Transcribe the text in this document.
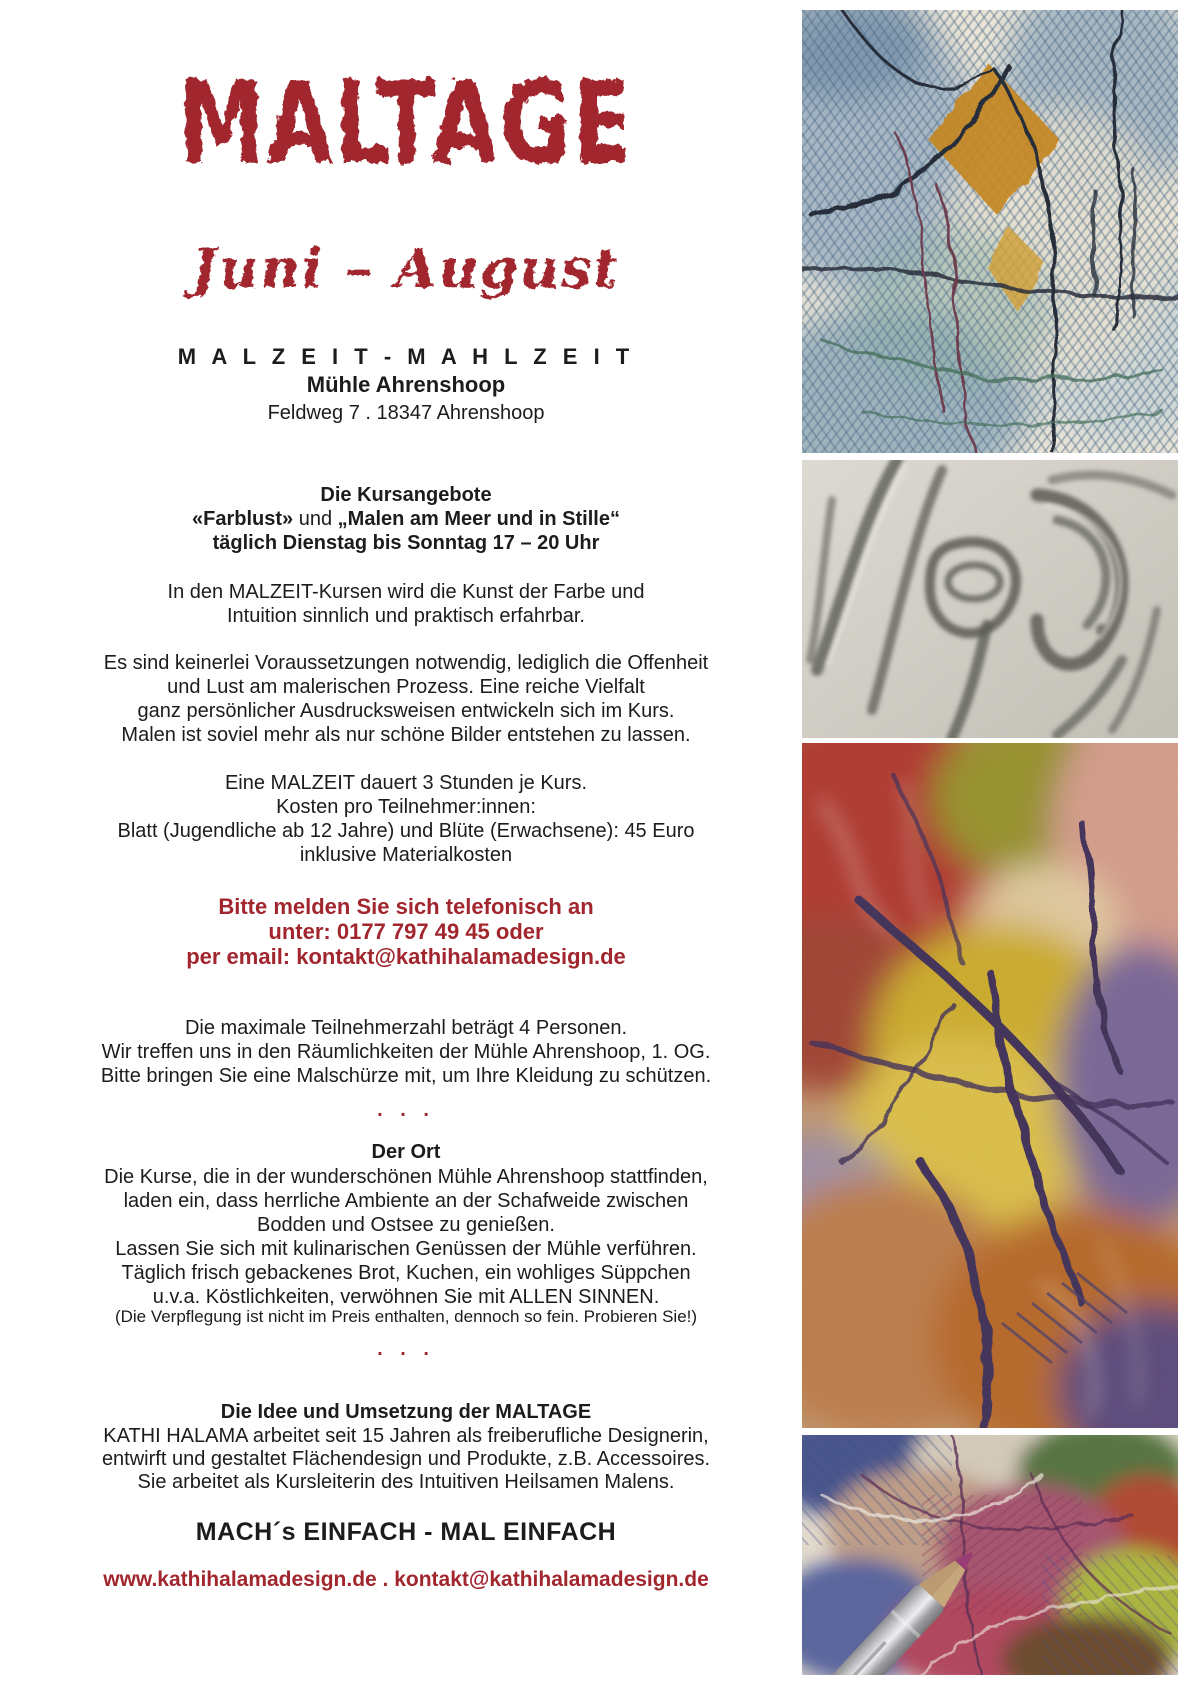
MALTAGE
Juni – August
M A L Z E I T - M A H L Z E I T
Mühle Ahrenshoop
Feldweg 7 . 18347 Ahrenshoop
Die Kursangebote
«Farblust» und „Malen am Meer und in Stille“
täglich Dienstag bis Sonntag 17 – 20 Uhr
In den MALZEIT-Kursen wird die Kunst der Farbe und
Intuition sinnlich und praktisch erfahrbar.
Es sind keinerlei Voraussetzungen notwendig, lediglich die Offenheit
und Lust am malerischen Prozess. Eine reiche Vielfalt
ganz persönlicher Ausdrucksweisen entwickeln sich im Kurs.
Malen ist soviel mehr als nur schöne Bilder entstehen zu lassen.
Eine MALZEIT dauert 3 Stunden je Kurs.
Kosten pro Teilnehmer:innen:
Blatt (Jugendliche ab 12 Jahre) und Blüte (Erwachsene): 45 Euro
inklusive Materialkosten
Bitte melden Sie sich telefonisch an
unter: 0177 797 49 45 oder
per email: kontakt@kathihalamadesign.de
Die maximale Teilnehmerzahl beträgt 4 Personen.
Wir treffen uns in den Räumlichkeiten der Mühle Ahrenshoop, 1. OG.
Bitte bringen Sie eine Malschürze mit, um Ihre Kleidung zu schützen.
. . .
Der Ort
Die Kurse, die in der wunderschönen Mühle Ahrenshoop stattfinden,
laden ein, dass herrliche Ambiente an der Schafweide zwischen
Bodden und Ostsee zu genießen.
Lassen Sie sich mit kulinarischen Genüssen der Mühle verführen.
Täglich frisch gebackenes Brot, Kuchen, ein wohliges Süppchen
u.v.a. Köstlichkeiten, verwöhnen Sie mit ALLEN SINNEN.
(Die Verpflegung ist nicht im Preis enthalten, dennoch so fein. Probieren Sie!)
. . .
Die Idee und Umsetzung der MALTAGE
KATHI HALAMA arbeitet seit 15 Jahren als freiberufliche Designerin,
entwirft und gestaltet Flächendesign und Produkte, z.B. Accessoires.
Sie arbeitet als Kursleiterin des Intuitiven Heilsamen Malens.
MACH´s EINFACH - MAL EINFACH
www.kathihalamadesign.de . kontakt@kathihalamadesign.de
